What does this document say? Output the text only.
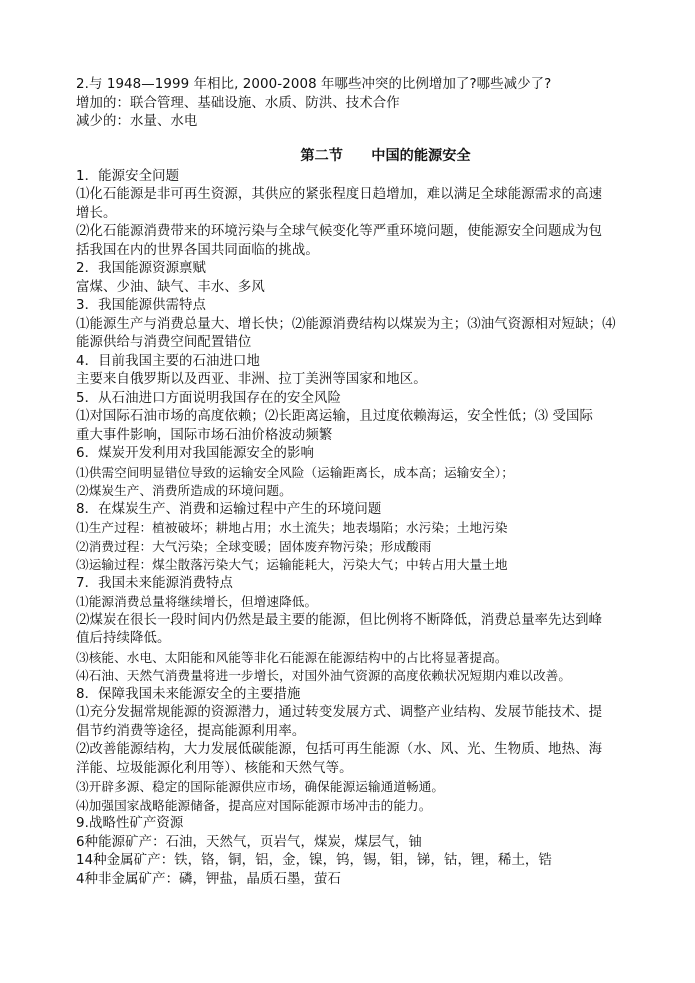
2.与 1948—1999 年相比, 2000-2008 年哪些冲突的比例增加了?哪些减少了?
增加的：联合管理、基础设施、水质、防洪、技术合作
减少的：水量、水电
第二节　　中国的能源安全
1．能源安全问题
⑴化石能源是非可再生资源，其供应的紧张程度日趋增加，难以满足全球能源需求的高速
增长。
⑵化石能源消费带来的环境污染与全球气候变化等严重环境问题，使能源安全问题成为包
括我国在内的世界各国共同面临的挑战。
2．我国能源资源禀赋
富煤、少油、缺气、丰水、多风
3．我国能源供需特点
⑴能源生产与消费总量大、增长快；⑵能源消费结构以煤炭为主；⑶油气资源相对短缺；⑷
能源供给与消费空间配置错位
4．目前我国主要的石油进口地
主要来自俄罗斯以及西亚、非洲、拉丁美洲等国家和地区。
5．从石油进口方面说明我国存在的安全风险
⑴对国际石油市场的高度依赖；⑵长距离运输，且过度依赖海运，安全性低；⑶ 受国际
重大事件影响，国际市场石油价格波动频繁
6．煤炭开发利用对我国能源安全的影响
⑴供需空间明显错位导致的运输安全风险（运输距离长，成本高；运输安全）；
⑵煤炭生产、消费所造成的环境问题。
8．在煤炭生产、消费和运输过程中产生的环境问题
⑴生产过程：植被破坏；耕地占用；水土流失；地表塌陷；水污染；土地污染
⑵消费过程：大气污染；全球变暖；固体废弃物污染；形成酸雨
⑶运输过程：煤尘散落污染大气；运输能耗大，污染大气；中转占用大量土地
7．我国未来能源消费特点
⑴能源消费总量将继续增长，但增速降低。
⑵煤炭在很长一段时间内仍然是最主要的能源，但比例将不断降低，消费总量率先达到峰
值后持续降低。
⑶核能、水电、太阳能和风能等非化石能源在能源结构中的占比将显著提高。
⑷石油、天然气消费量将进一步增长，对国外油气资源的高度依赖状况短期内难以改善。
8．保障我国未来能源安全的主要措施
⑴充分发掘常规能源的资源潜力，通过转变发展方式、调整产业结构、发展节能技术、提
倡节约消费等途径，提高能源利用率。
⑵改善能源结构，大力发展低碳能源，包括可再生能源（水、风、光、生物质、地热、海
洋能、垃圾能源化利用等）、核能和天然气等。
⑶开辟多源、稳定的国际能源供应市场，确保能源运输通道畅通。
⑷加强国家战略能源储备，提高应对国际能源市场冲击的能力。
9.战略性矿产资源
6种能源矿产：石油，天然气，页岩气，煤炭，煤层气，铀
14种金属矿产：铁，铬，铜，铝，金，镍，钨，锡，钼，锑，钴，锂，稀土，锆
4种非金属矿产：磷，钾盐，晶质石墨，萤石
